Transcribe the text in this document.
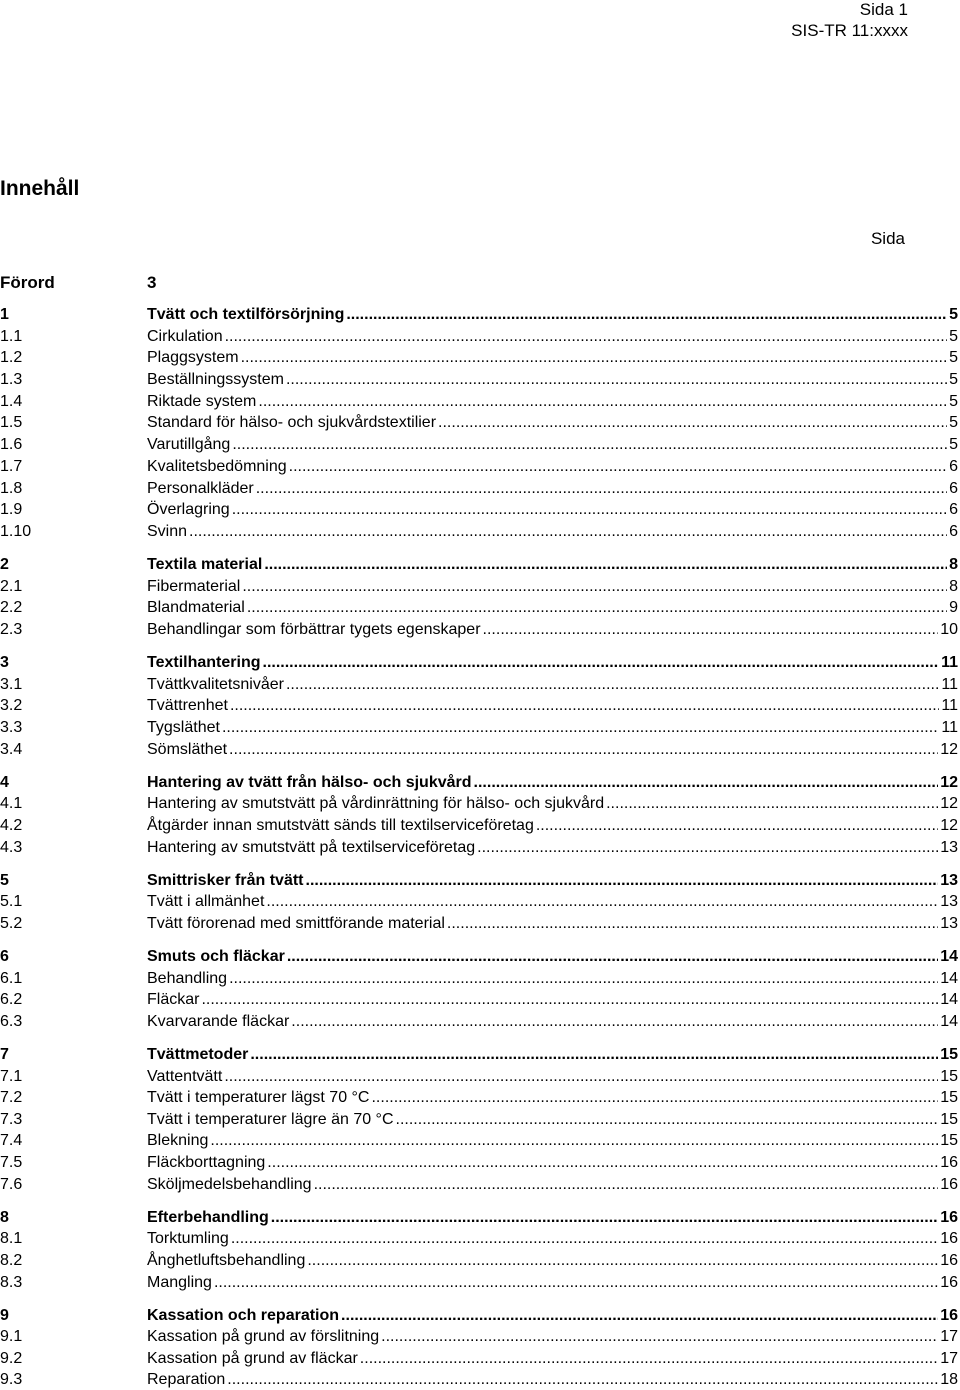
Sida 1
SIS-TR 11:xxxx
Innehåll
Sida
Förord	3
1	Tvätt och textilförsörjning .....	5
1.1	Cirkulation .....	5
1.2	Plaggsystem .....	5
1.3	Beställningssystem .....	5
1.4	Riktade system .....	5
1.5	Standard för hälso- och sjukvårdstextilier .....	5
1.6	Varutillgång .....	5
1.7	Kvalitetsbedömning .....	6
1.8	Personalkläder .....	6
1.9	Överlagring .....	6
1.10	Svinn .....	6
2	Textila material .....	8
2.1	Fibermaterial .....	8
2.2	Blandmaterial .....	9
2.3	Behandlingar som förbättrar tygets egenskaper .....	10
3	Textilhantering .....	11
3.1	Tvättkvalitetsnivåer .....	11
3.2	Tvättrenhet .....	11
3.3	Tygsläthet .....	11
3.4	Sömsläthet .....	12
4	Hantering av tvätt från hälso- och sjukvård .....	12
4.1	Hantering av smutstvätt på vårdinrättning för hälso- och sjukvård .....	12
4.2	Åtgärder innan smutstvätt sänds till textilserviceföretag .....	12
4.3	Hantering av smutstvätt på textilserviceföretag .....	13
5	Smittrisker från tvätt .....	13
5.1	Tvätt i allmänhet .....	13
5.2	Tvätt förorenad med smittförande material .....	13
6	Smuts och fläckar .....	14
6.1	Behandling .....	14
6.2	Fläckar .....	14
6.3	Kvarvarande fläckar .....	14
7	Tvättmetoder .....	15
7.1	Vattentvätt .....	15
7.2	Tvätt i temperaturer lägst 70 °C .....	15
7.3	Tvätt i temperaturer lägre än 70 °C .....	15
7.4	Blekning .....	15
7.5	Fläckborttagning .....	16
7.6	Sköljmedelsbehandling .....	16
8	Efterbehandling .....	16
8.1	Torktumling .....	16
8.2	Ånghetluftsbehandling .....	16
8.3	Mangling .....	16
9	Kassation och reparation .....	16
9.1	Kassation på grund av förslitning .....	17
9.2	Kassation på grund av fläckar .....	17
9.3	Reparation .....	18
